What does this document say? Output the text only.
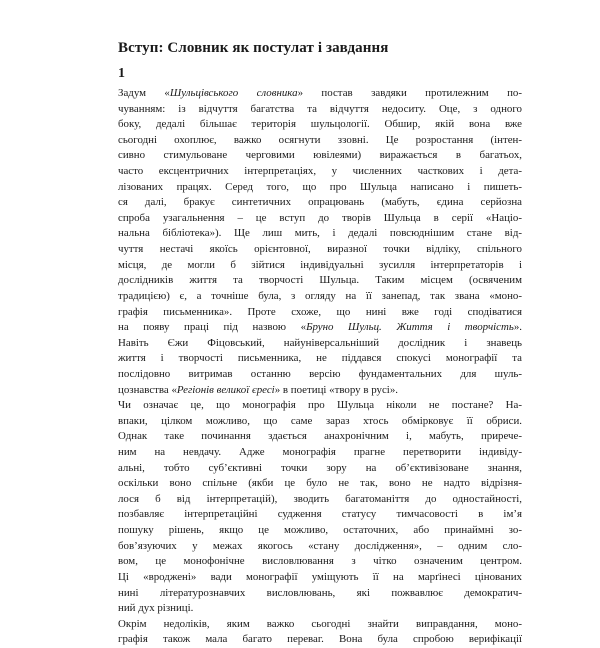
Вступ: Словник як постулат і завдання
1
Задум «Шульцівського словника» постав завдяки протилежним по-
чуванням: із відчуття багатства та відчуття недоситу. Оце, з одного
боку, дедалі більшає територія шульцології. Обшир, якій вона вже
сьогодні охоплює, важко осягнути ззовні. Це розростання (інтен-
сивно стимульоване черговими ювілеями) виражається в багатьох,
часто ексцентричних інтерпретаціях, у численних часткових і дета-
лізованих працях. Серед того, що про Шульца написано і пишеть-
ся далі, бракує синтетичних опрацювань (мабуть, єдина серйозна
спроба узагальнення – це вступ до творів Шульца в серії «Націо-
нальна бібліотека»). Ще лиш мить, і дедалі повсюднішим стане від-
чуття нестачі якоїсь орієнтовної, виразної точки відліку, спільного
місця, де могли б зійтися індивідуальні зусилля інтерпретаторів і
дослідників життя та творчості Шульца. Таким місцем (освяченим
традицією) є, а точніше була, з огляду на її занепад, так звана «моно-
графія письменника». Проте схоже, що нині вже годі сподіватися
на появу праці під назвою «Бруно Шульц. Життя і творчість».
Навіть Єжи Фіцовський, найуніверсальніший дослідник і знавець
життя і творчості письменника, не піддався спокусі монографії та
послідовно витримав останню версію фундаментальних для шуль-
цознавства «Регіонів великої єресі» в поетиці «твору в русі».
Чи означає це, що монографія про Шульца ніколи не постане? На-
впаки, цілком можливо, що саме зараз хтось обмірковує її обриси.
Однак таке починання здається анахронічним і, мабуть, прирече-
ним на невдачу. Адже монографія прагне перетворити індивіду-
альні, тобто суб’єктивні точки зору на об’єктивізоване знання,
оскільки воно спільне (якби це було не так, воно не надто відрізня-
лося б від інтерпретацій), зводить багатоманіття до одностайності,
позбавляє інтерпретаційні судження статусу тимчасовості в ім’я
пошуку рішень, якщо це можливо, остаточних, або принаймні зо-
бов’язуючих у межах якогось «стану дослідження», – одним сло-
вом, це монофонічне висловлювання з чітко означеним центром.
Ці «вроджені» вади монографії уміщують її на марґінесі цінованих
нині літературознавчих висловлювань, які пожвавлює демократич-
ний дух різниці.
Окрім недоліків, яким важко сьогодні знайти виправдання, моно-
графія також мала багато переваг. Вона була спробою верифікації
